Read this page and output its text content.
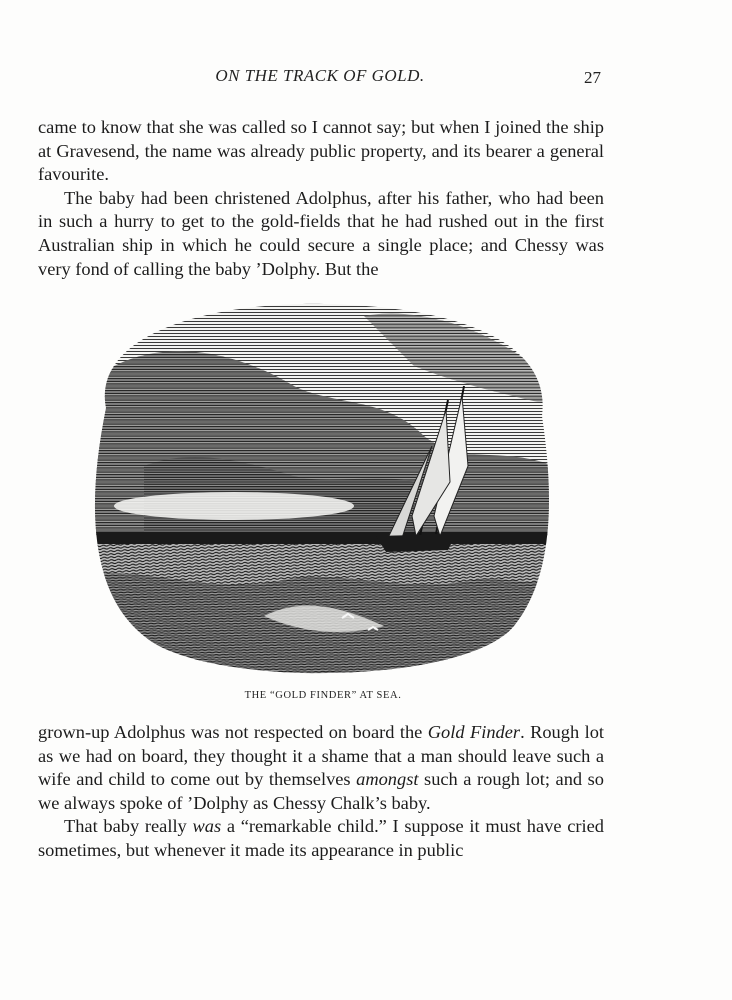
ON THE TRACK OF GOLD.	27

came to know that she was called so I cannot say; but when I joined the ship at Gravesend, the name was already public property, and its bearer a general favourite.

The baby had been christened Adolphus, after his father, who had been in such a hurry to get to the gold-fields that he had rushed out in the first Australian ship in which he could secure a single place; and Chessy was very fond of calling the baby ’Dolphy. But the

THE “GOLD FINDER” AT SEA.

grown-up Adolphus was not respected on board the Gold Finder. Rough lot as we had on board, they thought it a shame that a man should leave such a wife and child to come out by themselves amongst such a rough lot; and so we always spoke of ’Dolphy as Chessy Chalk’s baby.

That baby really was a “remarkable child.” I suppose it must have cried sometimes, but whenever it made its appearance in public
